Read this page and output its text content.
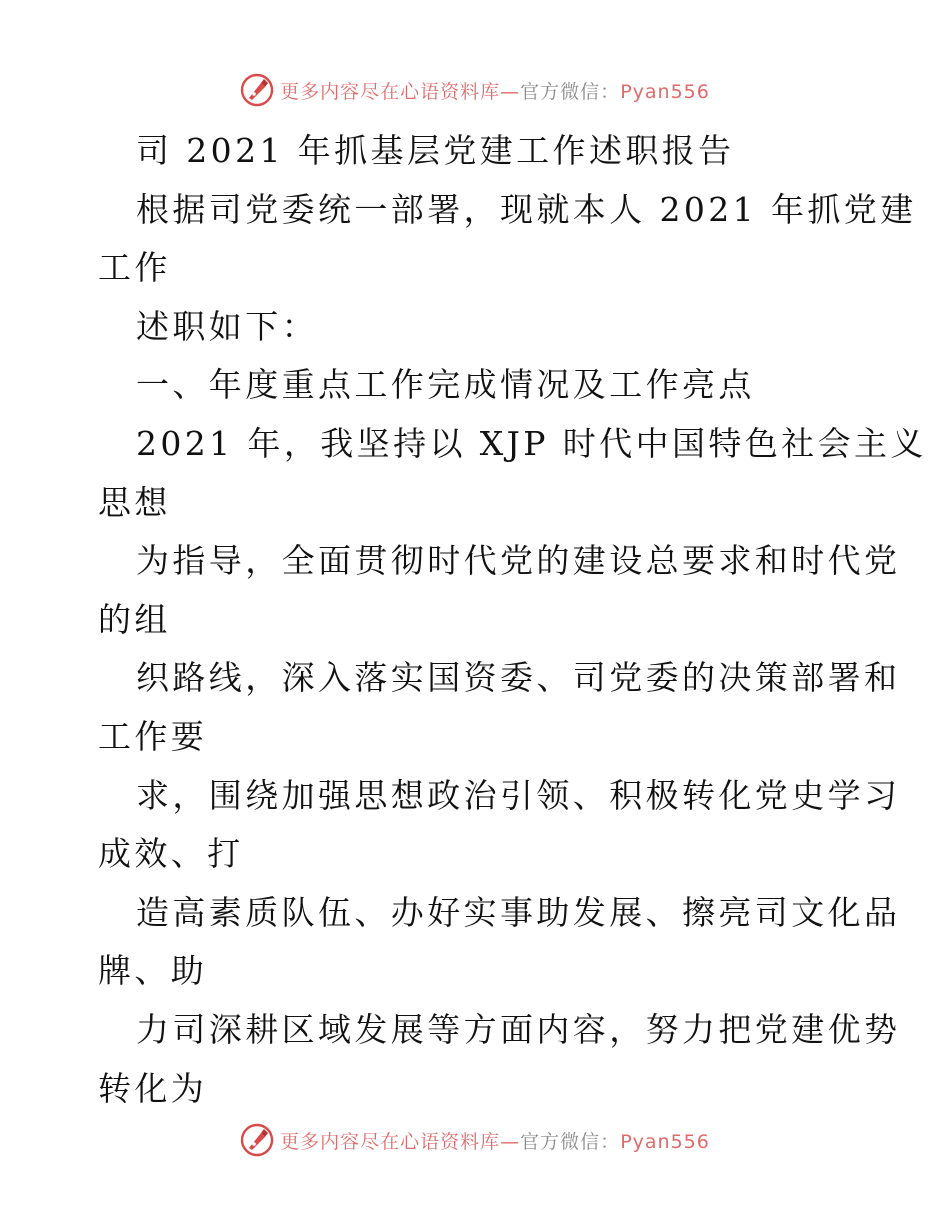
更多内容尽在心语资料库—官方微信：Pyan556
司 2021 年抓基层党建工作述职报告
根据司党委统一部署，现就本人 2021 年抓党建
工作
述职如下：
一、年度重点工作完成情况及工作亮点
2021 年，我坚持以 XJP 时代中国特色社会主义
思想
为指导，全面贯彻时代党的建设总要求和时代党
的组
织路线，深入落实国资委、司党委的决策部署和
工作要
求，围绕加强思想政治引领、积极转化党史学习
成效、打
造高素质队伍、办好实事助发展、擦亮司文化品
牌、助
力司深耕区域发展等方面内容，努力把党建优势
转化为
更多内容尽在心语资料库—官方微信：Pyan556
